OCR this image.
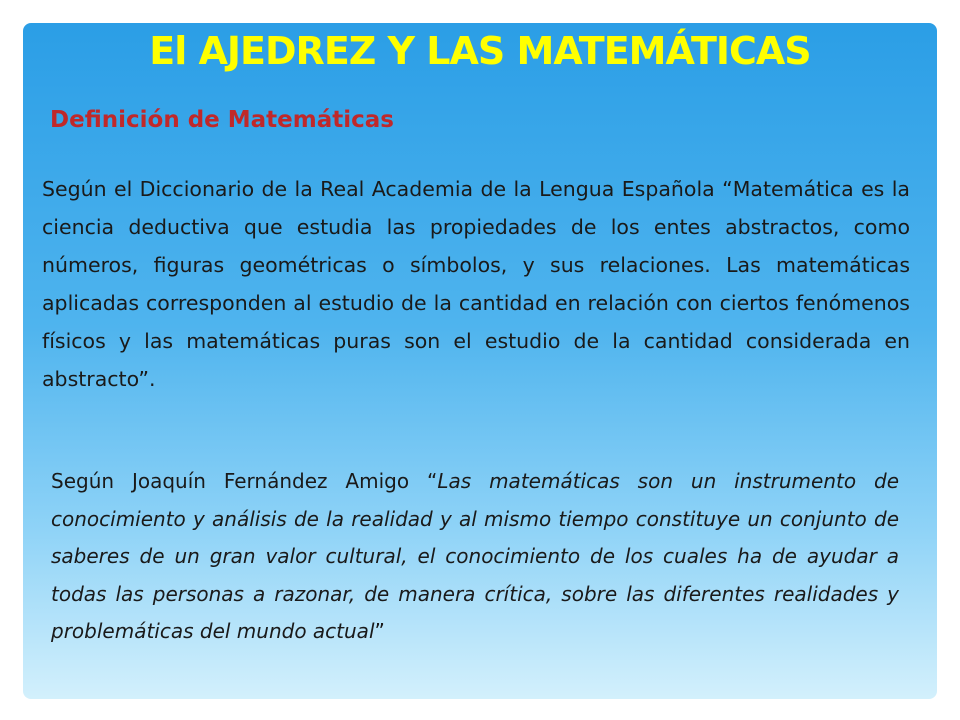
El AJEDREZ Y LAS MATEMÁTICAS
Definición de Matemáticas

Según el Diccionario de la Real Academia de la Lengua Española “Matemática es la ciencia deductiva que estudia las propiedades de los entes abstractos, como números, figuras geométricas o símbolos, y sus relaciones. Las matemáticas aplicadas corresponden al estudio de la cantidad en relación con ciertos fenómenos físicos y las matemáticas puras son el estudio de la cantidad considerada en abstracto”.

Según Joaquín Fernández Amigo “Las matemáticas son un instrumento de conocimiento y análisis de la realidad y al mismo tiempo constituye un conjunto de saberes de un gran valor cultural, el conocimiento de los cuales ha de ayudar a todas las personas a razonar, de manera crítica, sobre las diferentes realidades y problemáticas del mundo actual”
